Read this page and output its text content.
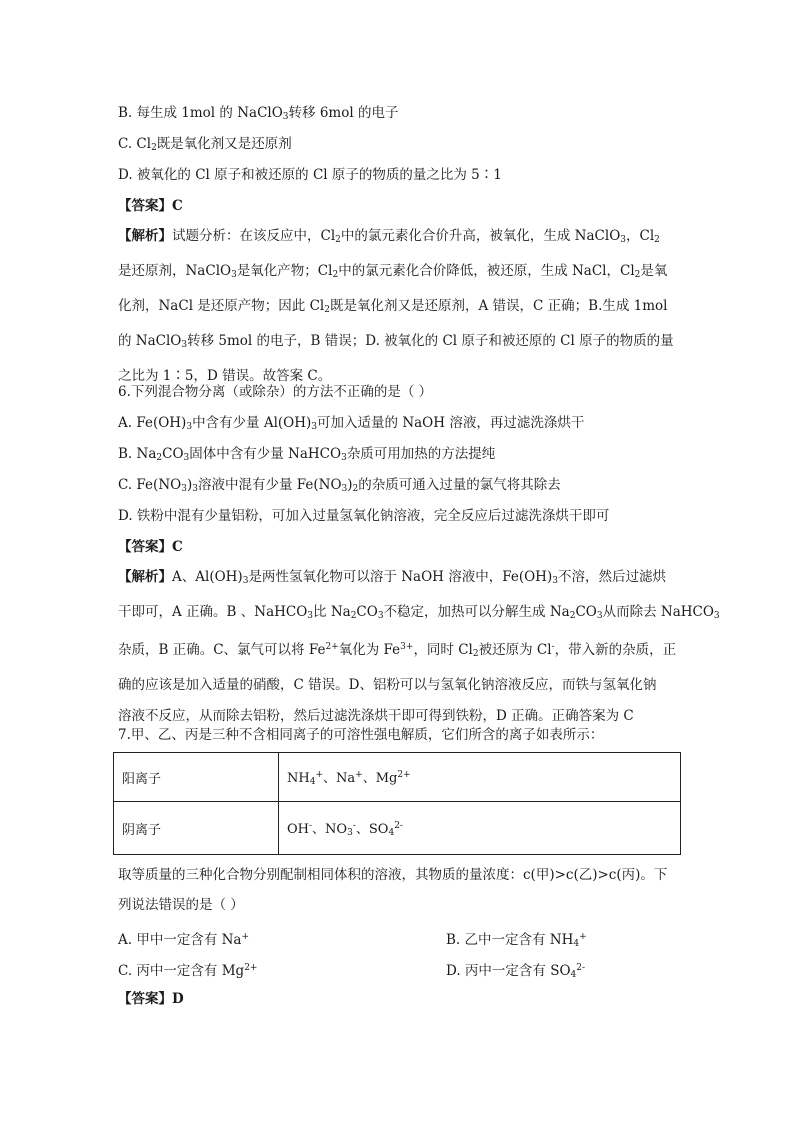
B. 每生成 1mol 的 NaClO$_3$转移 6mol 的电子
C. $Cl_2$既是氧化剂又是还原剂
D. 被氧化的 Cl 原子和被还原的 Cl 原子的物质的量之比为 5∶1
【答案】C
【解析】试题分析：在该反应中，$Cl_2$中的氯元素化合价升高，被氧化，生成 NaClO$_3$，$Cl_2$
是还原剂，NaClO$_3$是氧化产物；$Cl_2$中的氯元素化合价降低，被还原，生成 NaCl，$Cl_2$是氧
化剂，NaCl 是还原产物；因此 $Cl_2$既是氧化剂又是还原剂，A 错误，C 正确；B.生成 1mol
的 NaClO$_3$转移 5mol 的电子，B 错误；D. 被氧化的 Cl 原子和被还原的 Cl 原子的物质的量
之比为 1∶5，D 错误。故答案 C。
6.下列混合物分离（或除杂）的方法不正确的是（ ）
A. $Fe(OH)_3$中含有少量 $Al(OH)_3$可加入适量的 NaOH 溶液，再过滤洗涤烘干
B. $Na_2CO_3$固体中含有少量 NaHCO$_3$杂质可用加热的方法提纯
C. $Fe(NO_3)_3$溶液中混有少量 $Fe(NO_3)_2$的杂质可通入过量的氯气将其除去
D. 铁粉中混有少量铝粉，可加入过量氢氧化钠溶液，完全反应后过滤洗涤烘干即可
【答案】C
【解析】A、$Al(OH)_3$是两性氢氧化物可以溶于 NaOH 溶液中，$Fe(OH)_3$不溶，然后过滤烘
干即可，A 正确。B 、NaHCO$_3$比 $Na_2CO_3$不稳定，加热可以分解生成 $Na_2CO_3$从而除去 NaHCO$_3$
杂质，B 正确。C、氯气可以将 $Fe^{2+}$氧化为 $Fe^{3+}$，同时 $Cl_2$被还原为 Cl-，带入新的杂质，正
确的应该是加入适量的硝酸，C 错误。D、铝粉可以与氢氧化钠溶液反应，而铁与氢氧化钠
溶液不反应，从而除去铝粉，然后过滤洗涤烘干即可得到铁粉，D 正确。正确答案为 C
7.甲、乙、丙是三种不含相同离子的可溶性强电解质，它们所含的离子如表所示：
阳离子	$NH_4^+$、Na+、$Mg^{2+}$
阴离子	OH-、$NO_3^-$、$SO_4^{2-}$
取等质量的三种化合物分别配制相同体积的溶液，其物质的量浓度：c(甲)>c(乙)>c(丙)。下
列说法错误的是（ ）
A. 甲中一定含有 Na+	B. 乙中一定含有 $NH_4^+$
C. 丙中一定含有 $Mg^{2+}$	D. 丙中一定含有 $SO_4^{2-}$
【答案】D
